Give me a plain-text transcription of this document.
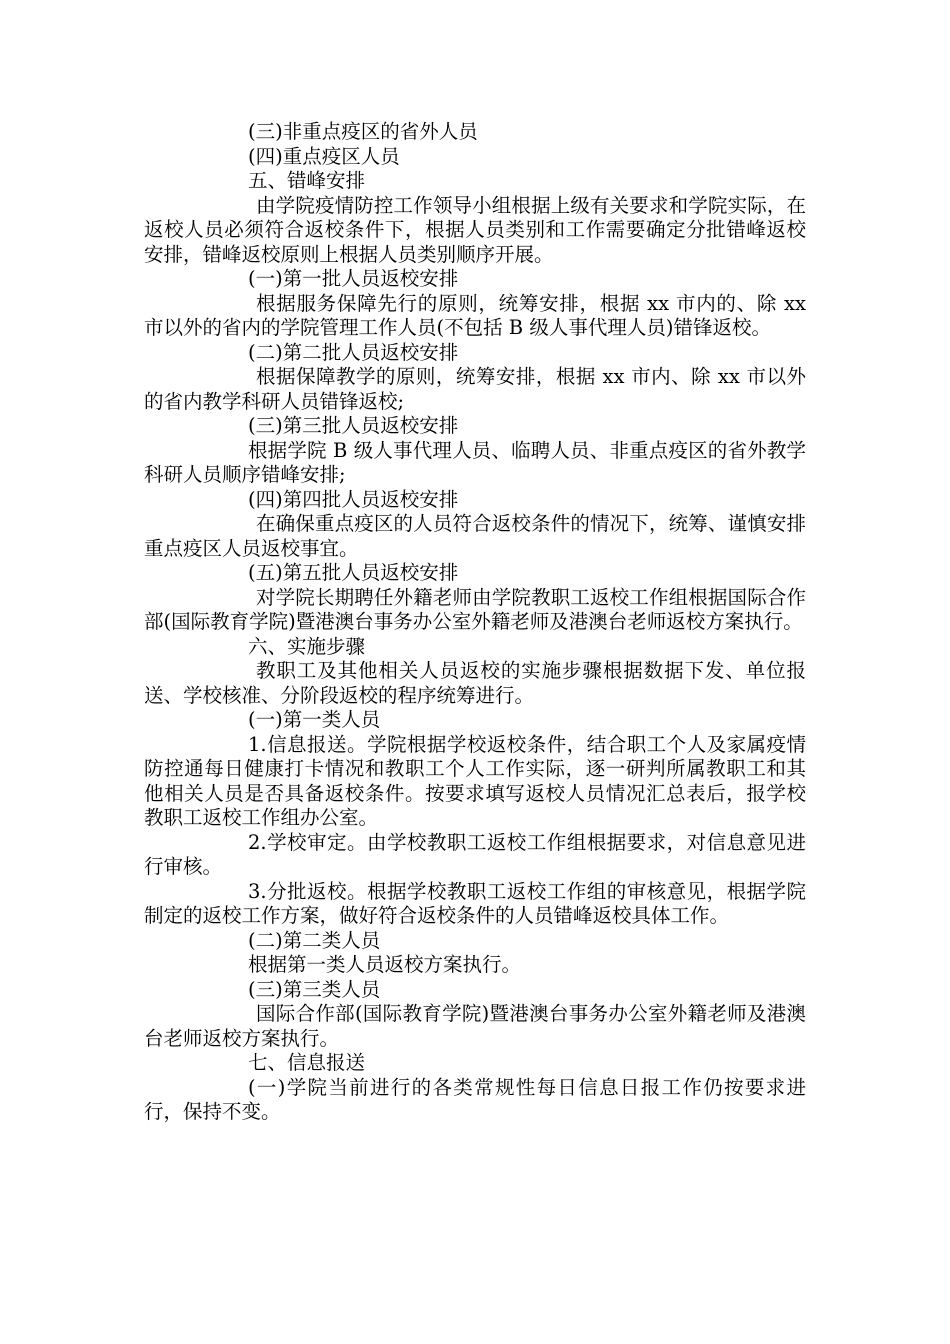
(三)非重点疫区的省外人员

(四)重点疫区人员

五、错峰安排

由学院疫情防控工作领导小组根据上级有关要求和学院实际，在返校人员必须符合返校条件下，根据人员类别和工作需要确定分批错峰返校安排，错峰返校原则上根据人员类别顺序开展。

(一)第一批人员返校安排

根据服务保障先行的原则，统筹安排，根据 xx 市内的、除 xx 市以外的省内的学院管理工作人员(不包括 B 级人事代理人员)错锋返校。

(二)第二批人员返校安排

根据保障教学的原则，统筹安排，根据 xx 市内、除 xx 市以外的省内教学科研人员错锋返校;

(三)第三批人员返校安排

根据学院 B 级人事代理人员、临聘人员、非重点疫区的省外教学科研人员顺序错峰安排;

(四)第四批人员返校安排

在确保重点疫区的人员符合返校条件的情况下，统筹、谨慎安排重点疫区人员返校事宜。

(五)第五批人员返校安排

对学院长期聘任外籍老师由学院教职工返校工作组根据国际合作部(国际教育学院)暨港澳台事务办公室外籍老师及港澳台老师返校方案执行。

六、实施步骤

教职工及其他相关人员返校的实施步骤根据数据下发、单位报送、学校核准、分阶段返校的程序统筹进行。

(一)第一类人员

1.信息报送。学院根据学校返校条件，结合职工个人及家属疫情防控通每日健康打卡情况和教职工个人工作实际，逐一研判所属教职工和其他相关人员是否具备返校条件。按要求填写返校人员情况汇总表后，报学校教职工返校工作组办公室。

2.学校审定。由学校教职工返校工作组根据要求，对信息意见进行审核。

3.分批返校。根据学校教职工返校工作组的审核意见，根据学院制定的返校工作方案，做好符合返校条件的人员错峰返校具体工作。

(二)第二类人员

根据第一类人员返校方案执行。

(三)第三类人员

国际合作部(国际教育学院)暨港澳台事务办公室外籍老师及港澳台老师返校方案执行。

七、信息报送

(一)学院当前进行的各类常规性每日信息日报工作仍按要求进行，保持不变。
